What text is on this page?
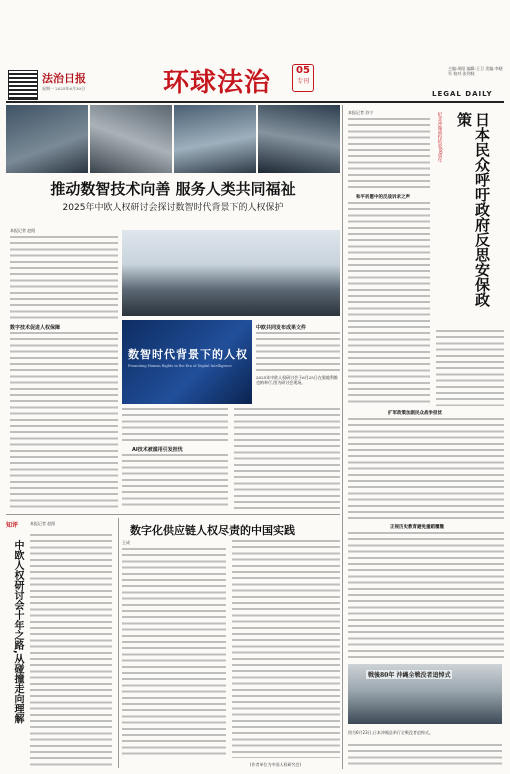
法治日报
星期一 2025年6月30日	环球法治	05
专刊
主编:胡阳 编辑:王卫 美编:李晓军 校对:张剑秋
LEGAL DAILY
推动数智技术向善 服务人类共同福祉
2025年中欧人权研讨会探讨数智时代背景下的人权保护
本报记者 赵阳
数字技术促进人权保障
数智时代背景下的人权
Promoting Human Rights in the Era of Digital Intelligence
2025年中欧人权研讨会于6月25日在奥地利维也纳举行,图为研讨会现场。
AI技术被滥用引发担忧
中欧共同发布成果文件
知评	本报记者 赵阳
中欧人权研讨会十年之路,从碰撞走向理解
数字化供应链人权尽责的中国实践
王成
(作者单位为中国人权研究会)
本报记者 苏宁	纪念冲绳战役结束80周年	日本民众呼吁政府反思安保政策
和平祈愿中的反战诉求之声
扩军政策加剧民众战争担忧
正视历史教育避免重蹈覆辙
戦後80年 沖縄全戦没者追悼式
图为6月23日,日本冲绳县举行全戦没者追悼式。
